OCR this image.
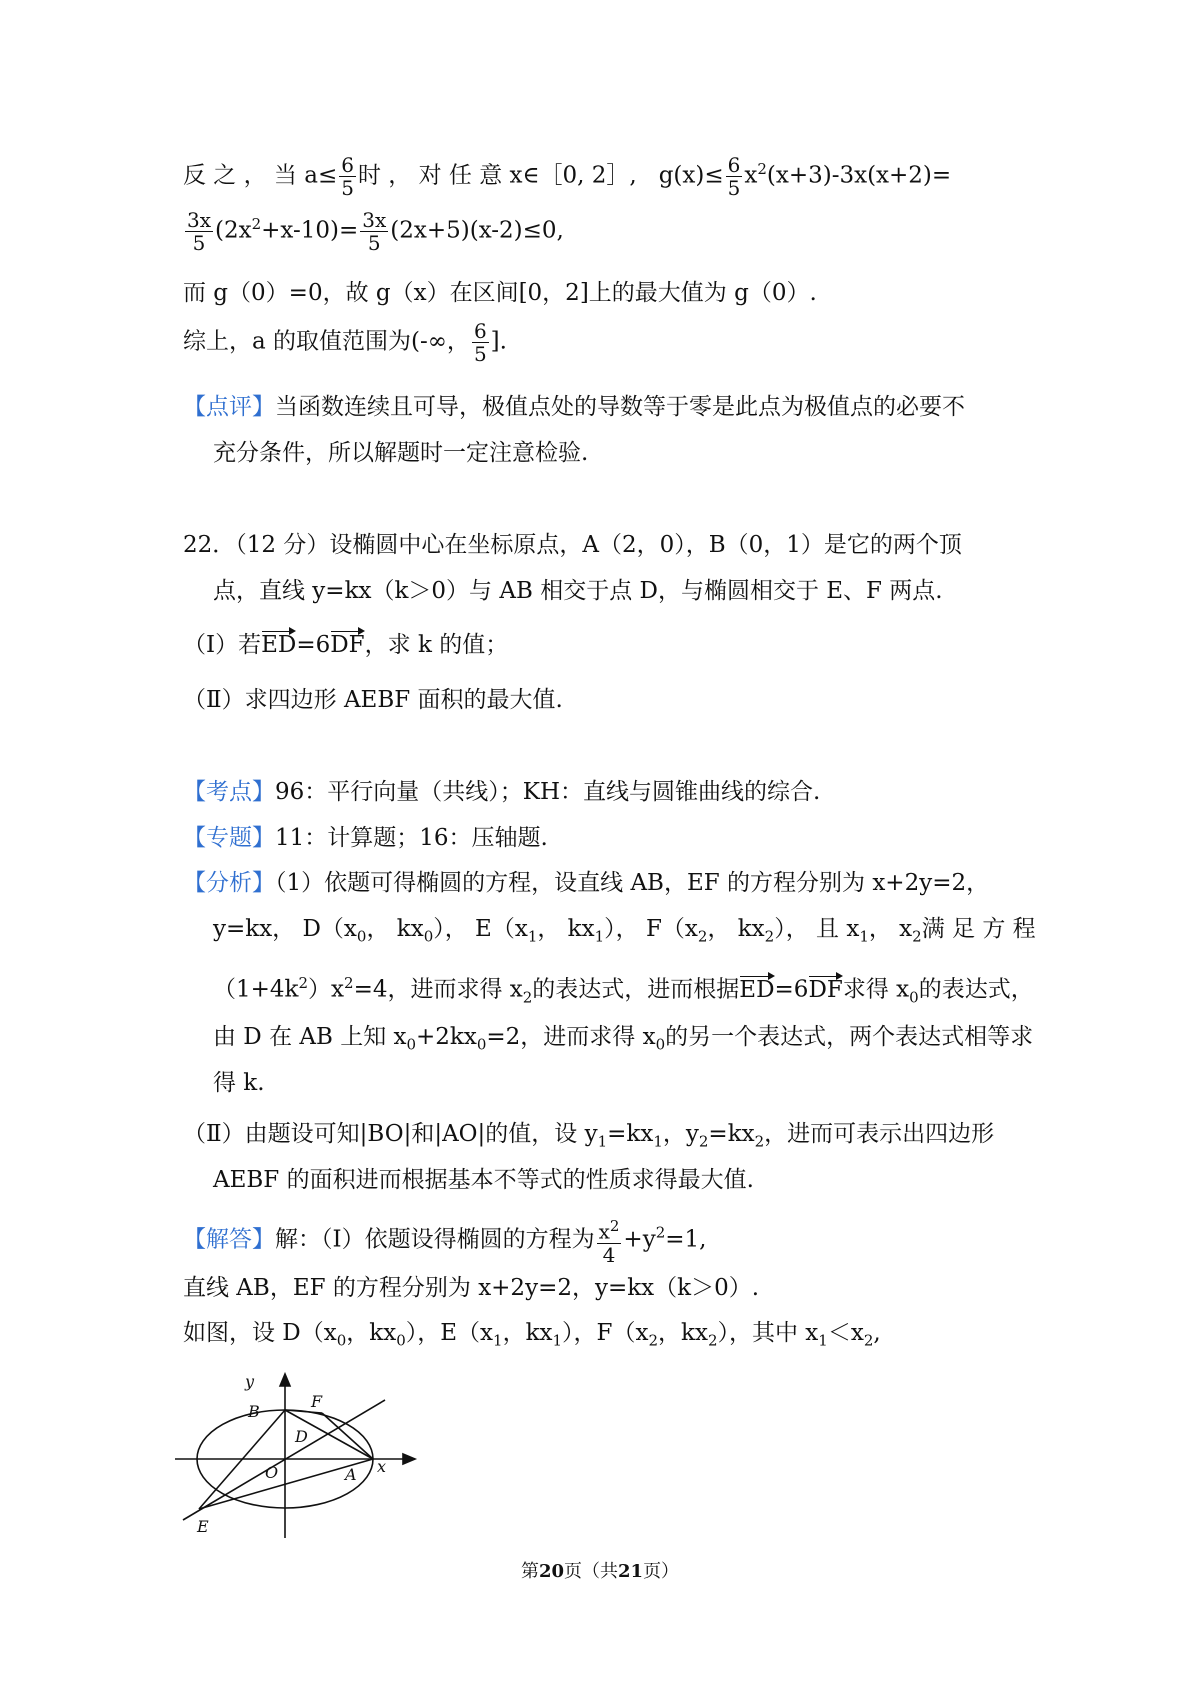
反 之 ， 当 $a\le \frac{6}{5}$ 时 ， 对 任 意 x∈［0, 2］, $g(x)\le \frac{6}{5} x^2(x+3)-3x(x+2)=$
$\frac{3x}{5} (2x^2+x-10)= \frac{3x}{5} (2x+5)(x-2)\le 0$,
而 g（0）=0，故 g（x）在区间[0，2]上的最大值为 g（0）.
综上，a 的取值范围为(-∞， $\frac{6}{5}$ ].
【点评】当函数连续且可导，极值点处的导数等于零是此点为极值点的必要不
充分条件，所以解题时一定注意检验.
22．（12 分）设椭圆中心在坐标原点，A（2，0），B（0，1）是它的两个顶
点，直线 y=kx（k＞0）与 AB 相交于点 D，与椭圆相交于 E、F 两点.
（Ⅰ）若ED=6DF，求 k 的值；
（Ⅱ）求四边形 AEBF 面积的最大值.
【考点】96：平行向量（共线）；KH：直线与圆锥曲线的综合.
【专题】11：计算题；16：压轴题.
【分析】（1）依题可得椭圆的方程，设直线 AB，EF 的方程分别为 x+2y=2，
y=kx， $D(x_0$， $kx_0$）， $E(x_1$， $kx_1$）， $F(x_2$， $kx_2$）， 且 $x_1$， $x_2$满 足 方 程
$(1+4k^2)x^2=4$，进而求得 $x_2$的表达式，进而根据ED=6DF求得 $x_0$的表达式，
由 D 在 AB 上知 $x_0+2kx_0=2$，进而求得 $x_0$的另一个表达式，两个表达式相等求
得 k.
（Ⅱ）由题设可知|BO|和|AO|的值，设 $y_1=kx_1$，$y_2=kx_2$，进而可表示出四边形
AEBF 的面积进而根据基本不等式的性质求得最大值.
【解答】解：（Ⅰ）依题设得椭圆的方程为 $\frac{x^2}{4} +y^2=1$,
直线 AB，EF 的方程分别为 x+2y=2，y=kx（k＞0）.
如图，设 $D(x_0$，$kx_0$），$E(x_1$，$kx_1$），$F(x_2$，$kx_2$），其中 $x_1<x_2$,
y
x
B
F
D
O	A
E
第20页（共21页）
